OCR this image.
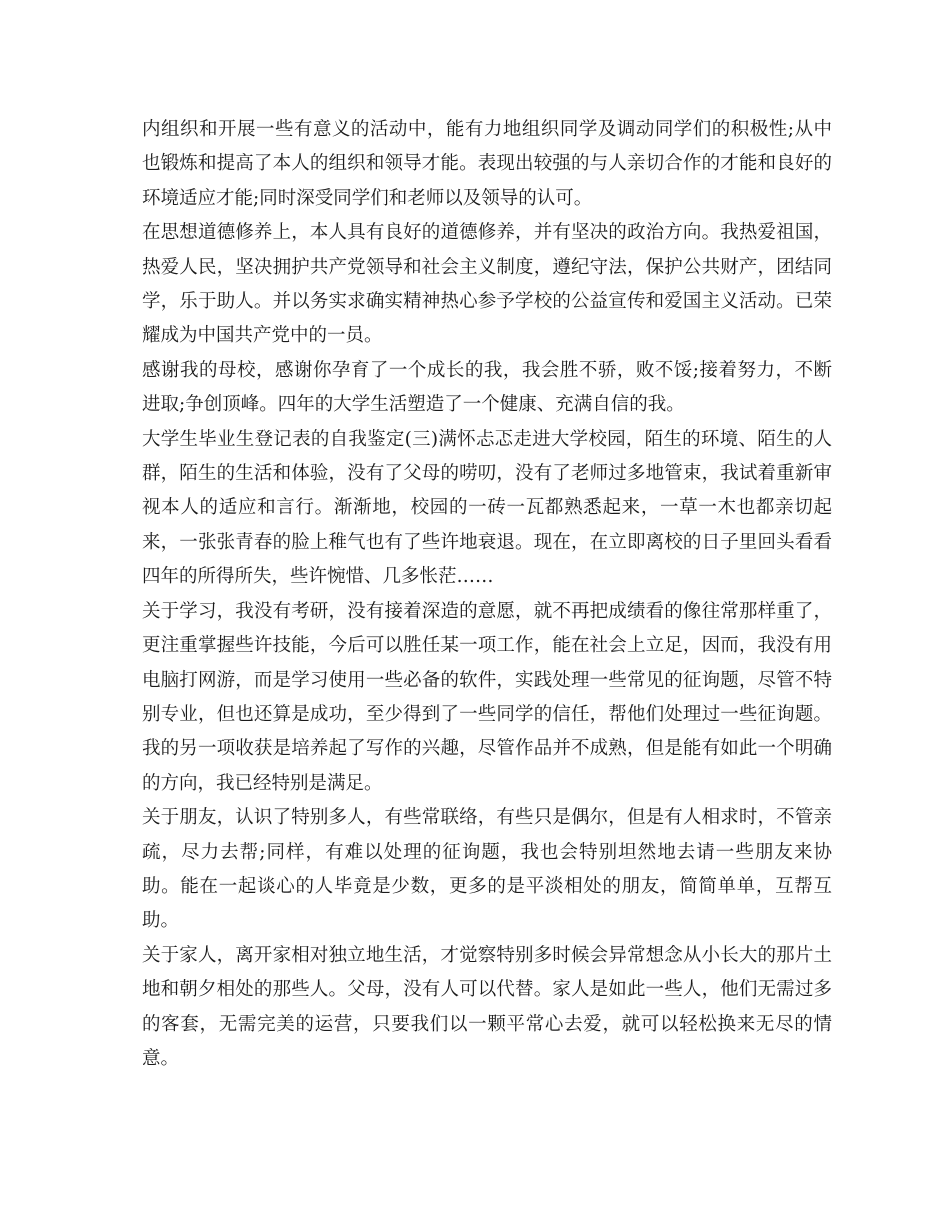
内组织和开展一些有意义的活动中，能有力地组织同学及调动同学们的积极性;从中也锻炼和提高了本人的组织和领导才能。表现出较强的与人亲切合作的才能和良好的环境适应才能;同时深受同学们和老师以及领导的认可。

在思想道德修养上，本人具有良好的道德修养，并有坚决的政治方向。我热爱祖国，热爱人民，坚决拥护共产党领导和社会主义制度，遵纪守法，保护公共财产，团结同学，乐于助人。并以务实求确实精神热心参予学校的公益宣传和爱国主义活动。已荣耀成为中国共产党中的一员。

感谢我的母校，感谢你孕育了一个成长的我，我会胜不骄，败不馁;接着努力，不断进取;争创顶峰。四年的大学生活塑造了一个健康、充满自信的我。

大学生毕业生登记表的自我鉴定(三)满怀忐忑走进大学校园，陌生的环境、陌生的人群，陌生的生活和体验，没有了父母的唠叨，没有了老师过多地管束，我试着重新审视本人的适应和言行。渐渐地，校园的一砖一瓦都熟悉起来，一草一木也都亲切起来，一张张青春的脸上稚气也有了些许地衰退。现在，在立即离校的日子里回头看看四年的所得所失，些许惋惜、几多怅茫……

关于学习，我没有考研，没有接着深造的意愿，就不再把成绩看的像往常那样重了，更注重掌握些许技能，今后可以胜任某一项工作，能在社会上立足，因而，我没有用电脑打网游，而是学习使用一些必备的软件，实践处理一些常见的征询题，尽管不特别专业，但也还算是成功，至少得到了一些同学的信任，帮他们处理过一些征询题。我的另一项收获是培养起了写作的兴趣，尽管作品并不成熟，但是能有如此一个明确的方向，我已经特别是满足。

关于朋友，认识了特别多人，有些常联络，有些只是偶尔，但是有人相求时，不管亲疏，尽力去帮;同样，有难以处理的征询题，我也会特别坦然地去请一些朋友来协助。能在一起谈心的人毕竟是少数，更多的是平淡相处的朋友，简简单单，互帮互助。

关于家人，离开家相对独立地生活，才觉察特别多时候会异常想念从小长大的那片土地和朝夕相处的那些人。父母，没有人可以代替。家人是如此一些人，他们无需过多的客套，无需完美的运营，只要我们以一颗平常心去爱，就可以轻松换来无尽的情意。
